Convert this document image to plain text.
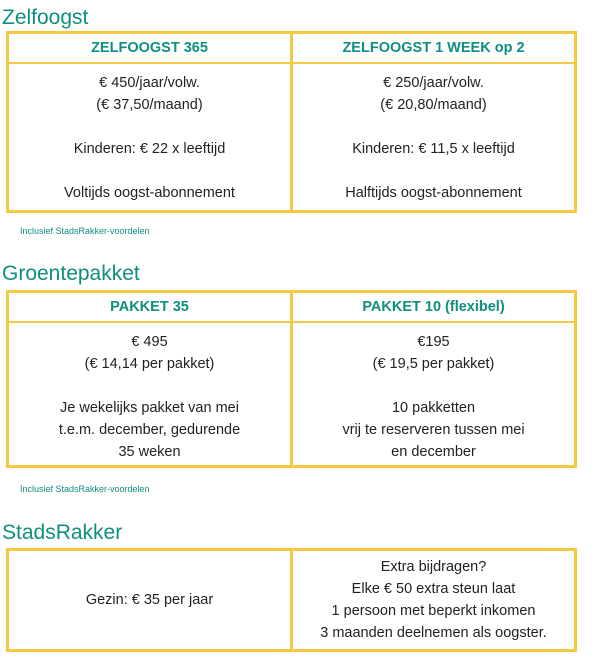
Zelfoogst
ZELFOOGST 365
€ 450/jaar/volw.
(€ 37,50/maand)
Kinderen: € 22 x leeftijd
Voltijds oogst-abonnement
ZELFOOGST 1 WEEK op 2
€ 250/jaar/volw.
(€ 20,80/maand)
Kinderen: € 11,5 x leeftijd
Halftijds oogst-abonnement

Inclusief StadsRakker-voordelen

Groentepakket
PAKKET 35
€ 495
(€ 14,14 per pakket)
Je wekelijks pakket van mei
t.e.m. december, gedurende
35 weken
PAKKET 10 (flexibel)
€195
(€ 19,5 per pakket)
10 pakketten
vrij te reserveren tussen mei
en december

Inclusief StadsRakker-voordelen

StadsRakker
Gezin: € 35 per jaar
Extra bijdragen?
Elke € 50 extra steun laat
1 persoon met beperkt inkomen
3 maanden deelnemen als oogster.
